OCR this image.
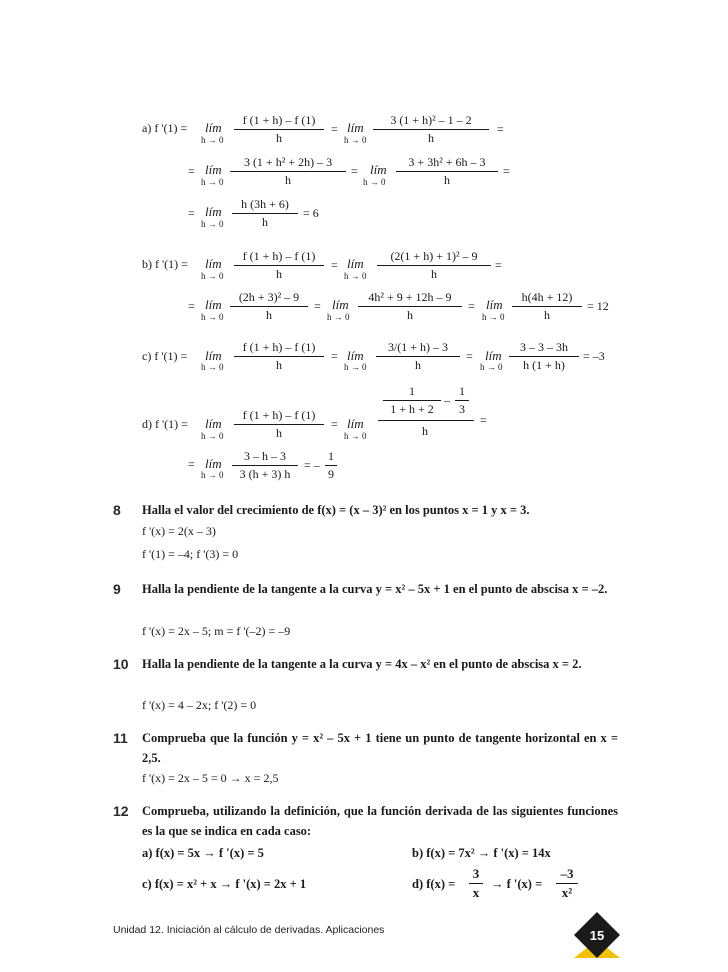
a) f '(1) = lím
$h \to 0 \frac{f (1 + h) - f (1)}{h}$ = lím
$h \to 0 \frac{\text{3 (1 + h)² – 1 – 2}}{h}$ =
= lím
$h \to 0 \frac{\text{3 (1 + h² + 2h) – 3}}{h}$ = lím
$h \to 0 \frac{\text{3 + 3h² + 6h – 3}}{h}$ =
= lím
$h \to 0 \frac{h (3h + 6)}{h} = 6$
b) f '(1) = lím
$h \to 0 \frac{f (1 + h) - f (1)}{h}$ = lím
$h \to 0 \frac{\text{(2(1 + h) + 1)² – 9}}{h}$ =
= lím
$h \to 0 \frac{\text{(2h + 3)² – 9}}{h}$ = lím
$h \to 0 \frac{\text{4h² + 9 + 12h – 9}}{h}$ = lím
$h \to 0 \frac{h(4h + 12)}{h} = 12$
c) f '(1) = lím
$h \to 0 \frac{f (1 + h) - f (1)}{h}$ = lím
$h \to 0 \frac{3/(1 + h) - 3}{h}$ = lím
$h \to 0 \frac{3 - 3 - 3h}{h (1 + h)} = -3$
d) f '(1) = lím
$h \to 0 \frac{f (1 + h) - f (1)}{h}$ = lím
h → 0
$\frac{1}{1 + h + 2} - \frac{1}{3}$
h
=
= lím
$h \to 0 \frac{3 - h - 3}{3 (h + 3) h}$ = – $\frac{1}{9}$
8 Halla el valor del crecimiento de f(x) = (x – 3)² en los puntos x = 1 y x = 3.
f '(x) = 2(x – 3)
f '(1) = –4; f '(3) = 0
9 Halla la pendiente de la tangente a la curva y = x² – 5x + 1 en el punto de abscisa x = –2.
f '(x) = 2x – 5; m = f '(–2) = –9
10 Halla la pendiente de la tangente a la curva y = 4x – x² en el punto de abscisa x = 2.
f '(x) = 4 – 2x; f '(2) = 0
11 Comprueba que la función y = x² – 5x + 1 tiene un punto de tangente horizontal en x = 2,5.
f '(x) = 2x – 5 = 0 → x = 2,5
12 Comprueba, utilizando la definición, que la función derivada de las siguientes funciones es la que se indica en cada caso:
a) f(x) = 5x → f '(x) = 5	b) f(x) = 7x² → f '(x) = 14x
c) f(x) = x² + x → f '(x) = 2x + 1	d) $f(x) = \frac{3}{x} \to f$ '$(x) = \frac{-3}{\text{x²}}$
Unidad 12. Iniciación al cálculo de derivadas. Aplicaciones	15
